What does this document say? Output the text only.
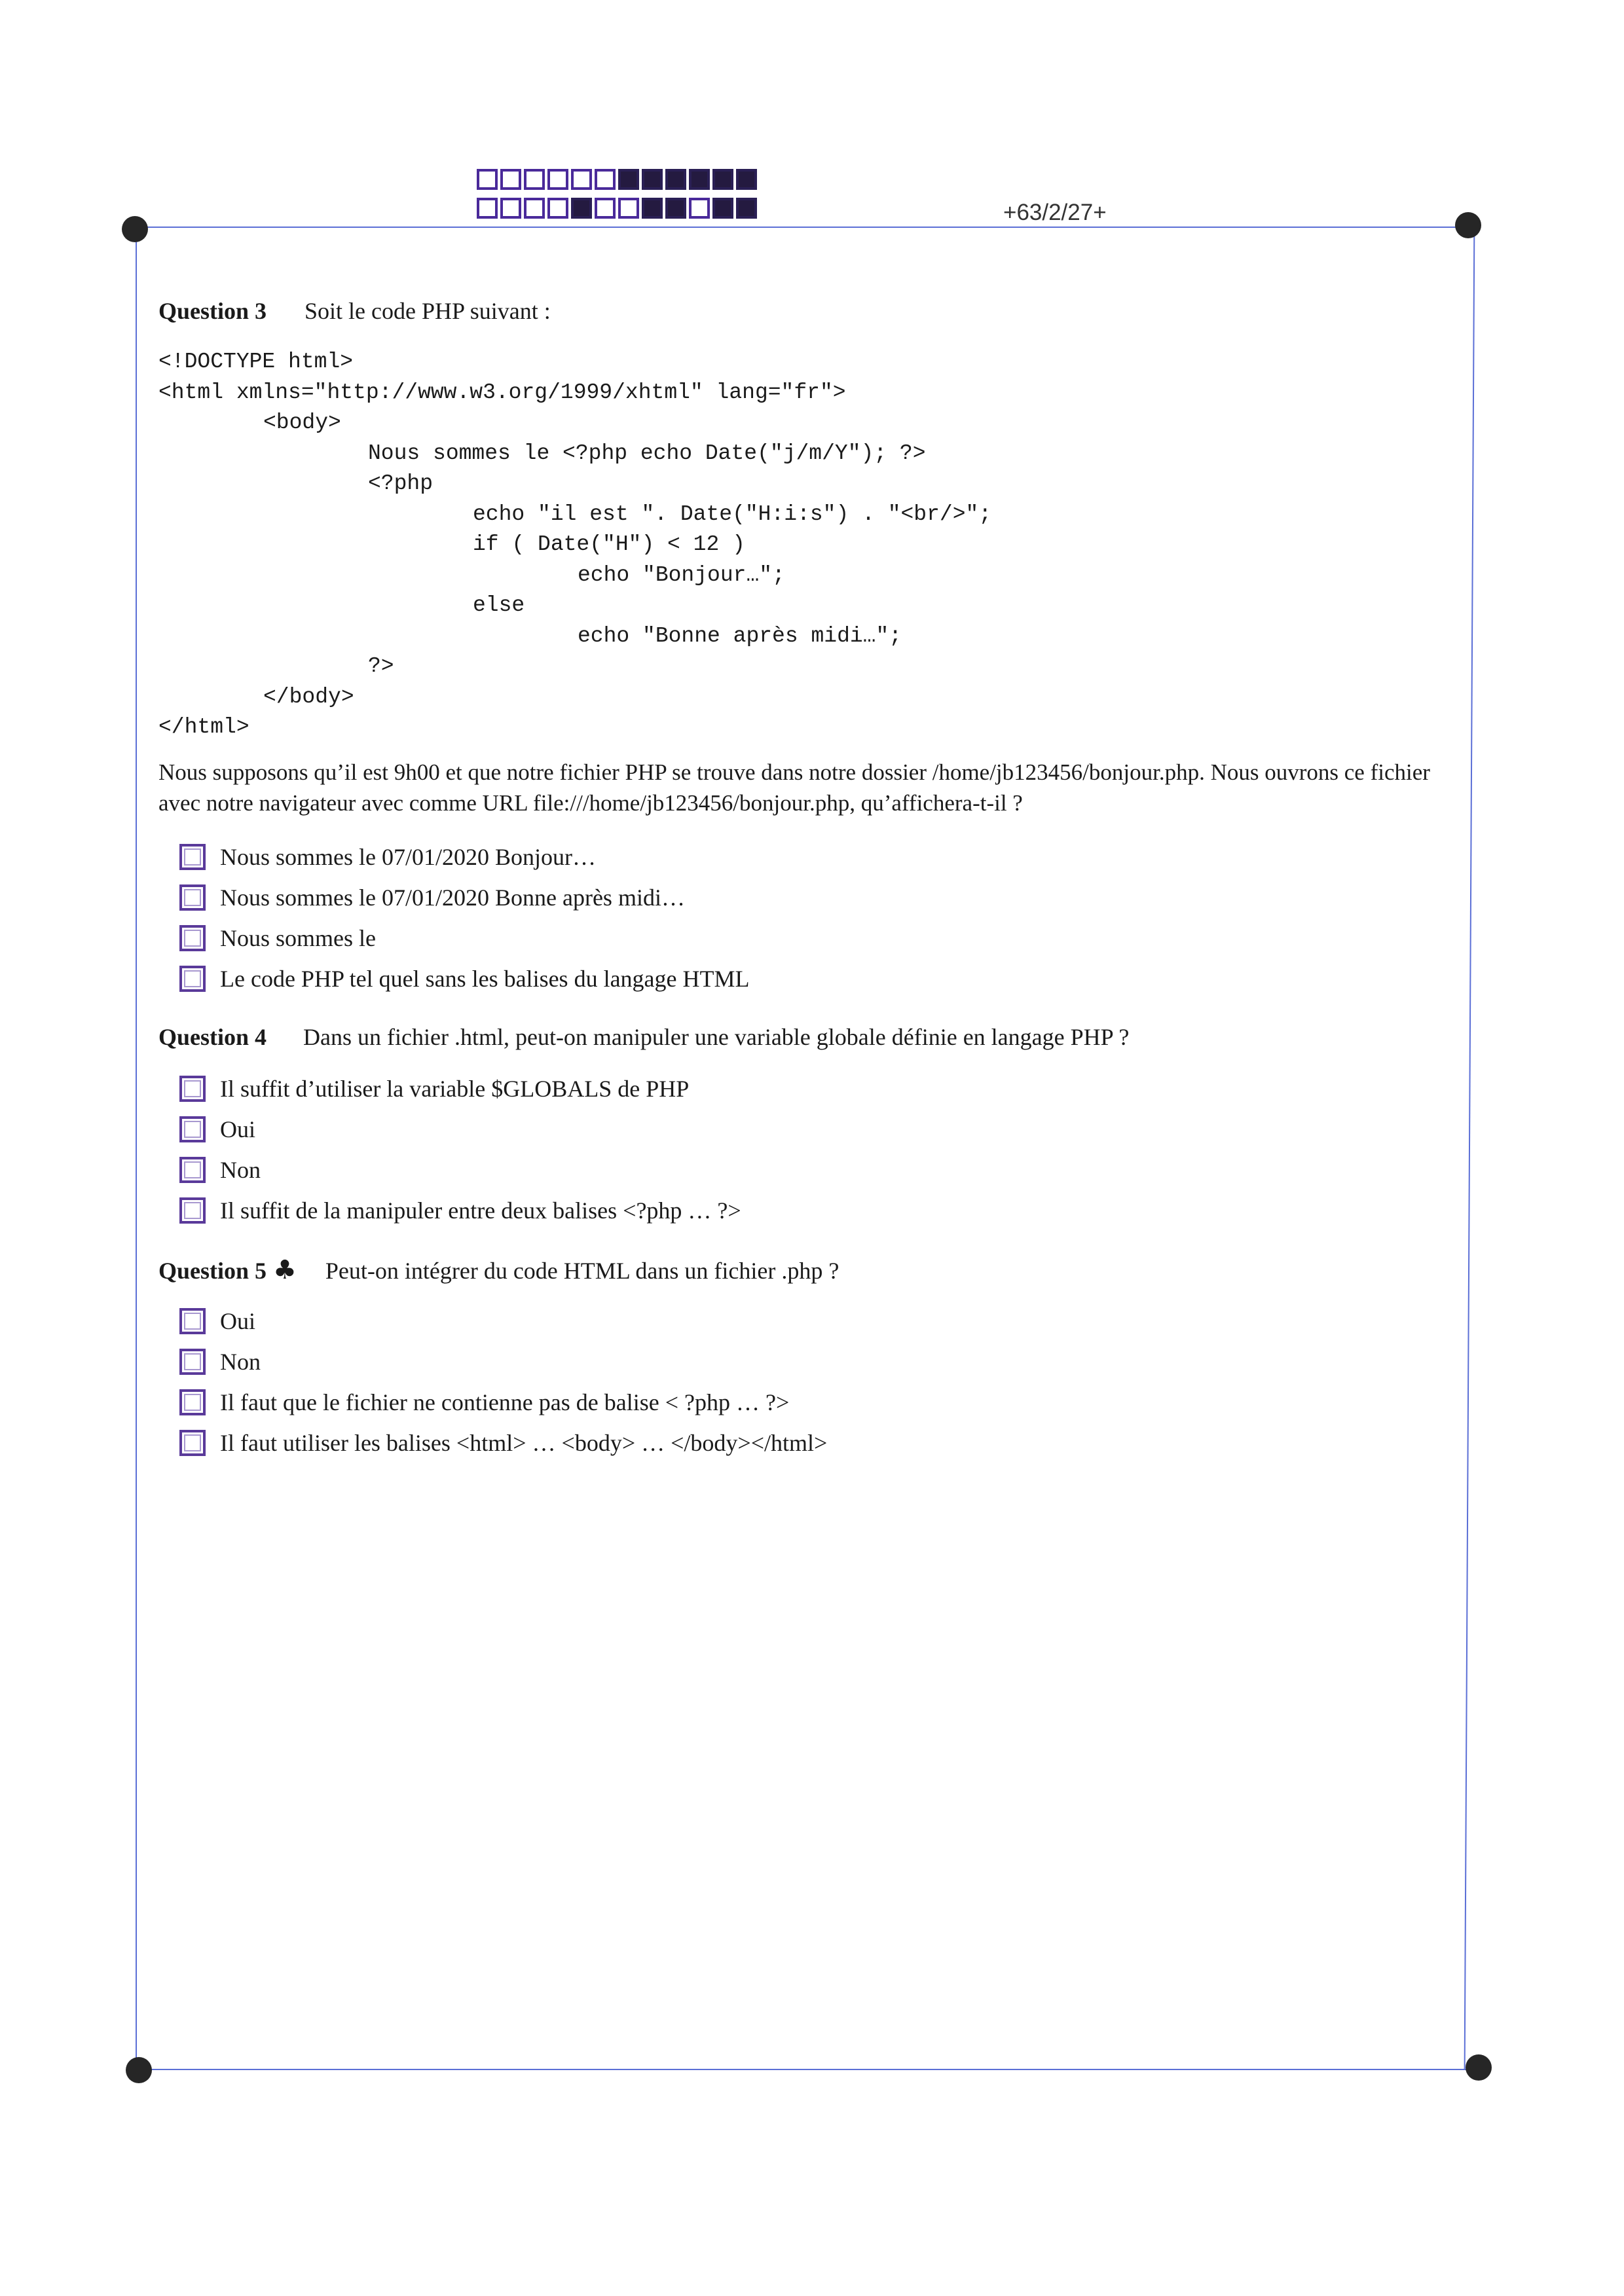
+63/2/27+
Question 3 Soit le code PHP suivant :
<!DOCTYPE html>
<html xmlns="http://www.w3.org/1999/xhtml" lang="fr">
<body>
Nous sommes le <?php echo Date("j/m/Y"); ?>
<?php
echo "il est ". Date("H:i:s") . "<br/>";
if ( Date("H") < 12 )
echo "Bonjour…";
else
echo "Bonne après midi…";
?>
</body>
</html>
Nous supposons qu’il est 9h00 et que notre fichier PHP se trouve dans notre dossier /home/jb123456/bonjour.php. Nous ouvrons ce fichier avec notre navigateur avec comme URL file:///home/jb123456/bonjour.php, qu’affichera-t-il ?
Nous sommes le 07/01/2020 Bonjour…
Nous sommes le 07/01/2020 Bonne après midi…
Nous sommes le
Le code PHP tel quel sans les balises du langage HTML
Question 4 Dans un fichier .html, peut-on manipuler une variable globale définie en langage PHP ?
Il suffit d’utiliser la variable $GLOBALS de PHP
Oui
Non
Il suffit de la manipuler entre deux balises <?php … ?>
Question 5 ♣ Peut-on intégrer du code HTML dans un fichier .php ?
Oui
Non
Il faut que le fichier ne contienne pas de balise < ?php … ?>
Il faut utiliser les balises <html> … <body> … </body></html>
